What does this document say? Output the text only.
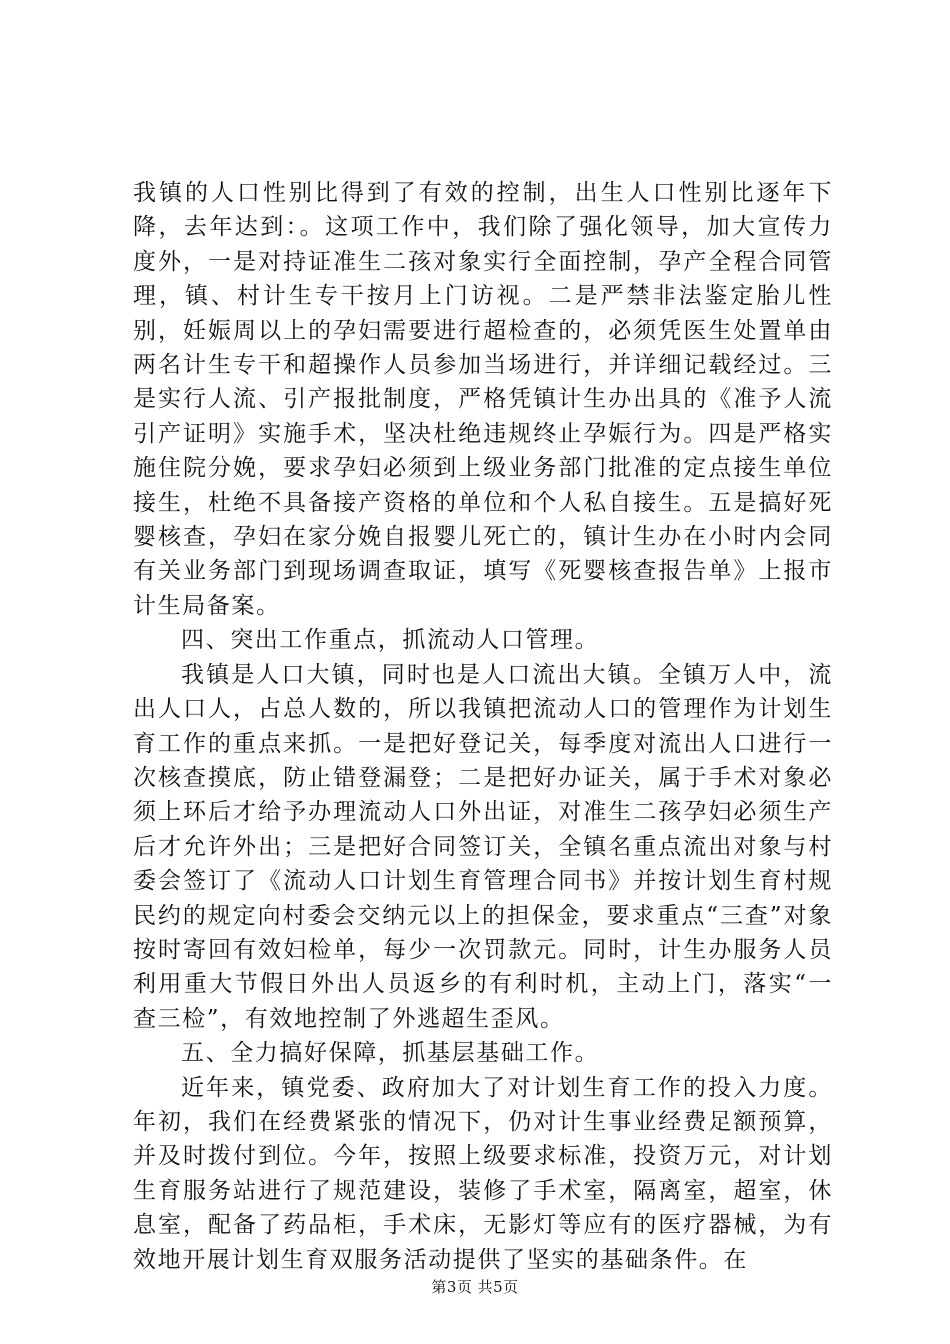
我镇的人口性别比得到了有效的控制，出生人口性别比逐年下降，去年达到：。这项工作中，我们除了强化领导，加大宣传力度外，一是对持证准生二孩对象实行全面控制，孕产全程合同管理，镇、村计生专干按月上门访视。二是严禁非法鉴定胎儿性别，妊娠周以上的孕妇需要进行超检查的，必须凭医生处置单由两名计生专干和超操作人员参加当场进行，并详细记载经过。三是实行人流、引产报批制度，严格凭镇计生办出具的《准予人流引产证明》实施手术，坚决杜绝违规终止孕娠行为。四是严格实施住院分娩，要求孕妇必须到上级业务部门批准的定点接生单位接生，杜绝不具备接产资格的单位和个人私自接生。五是搞好死婴核查，孕妇在家分娩自报婴儿死亡的，镇计生办在小时内会同有关业务部门到现场调查取证，填写《死婴核查报告单》上报市计生局备案。

四、突出工作重点，抓流动人口管理。

我镇是人口大镇，同时也是人口流出大镇。全镇万人中，流出人口人，占总人数的，所以我镇把流动人口的管理作为计划生育工作的重点来抓。一是把好登记关，每季度对流出人口进行一次核查摸底，防止错登漏登；二是把好办证关，属于手术对象必须上环后才给予办理流动人口外出证，对准生二孩孕妇必须生产后才允许外出；三是把好合同签订关，全镇名重点流出对象与村委会签订了《流动人口计划生育管理合同书》并按计划生育村规民约的规定向村委会交纳元以上的担保金，要求重点“三查”对象按时寄回有效妇检单，每少一次罚款元。同时，计生办服务人员利用重大节假日外出人员返乡的有利时机，主动上门，落实“一查三检”，有效地控制了外逃超生歪风。

五、全力搞好保障，抓基层基础工作。

近年来，镇党委、政府加大了对计划生育工作的投入力度。年初，我们在经费紧张的情况下，仍对计生事业经费足额预算，并及时拨付到位。今年，按照上级要求标准，投资万元，对计划生育服务站进行了规范建设，装修了手术室，隔离室，超室，休息室，配备了药品柜，手术床，无影灯等应有的医疗器械，为有效地开展计划生育双服务活动提供了坚实的基础条件。在

第3页 共5页
